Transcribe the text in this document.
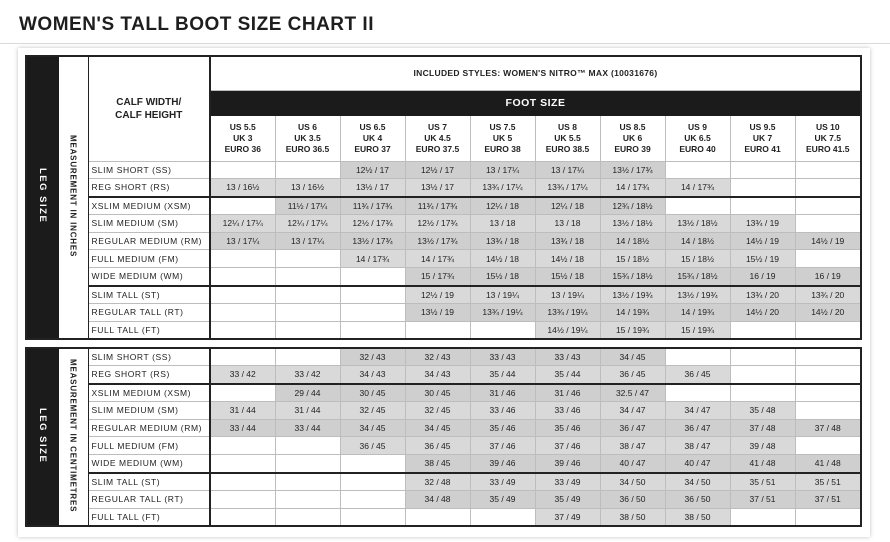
WOMEN'S TALL BOOT SIZE CHART II
LEG SIZE	MEASUREMENT IN INCHES	CALF WIDTH/
CALF HEIGHT	INCLUDED STYLES: WOMEN'S NITRO™ MAX (10031676)									
			FOOT SIZE									

			US 5.5
UK 3
EURO 36	US 6
UK 3.5
EURO 36.5	US 6.5
UK 4
EURO 37	US 7
UK 4.5
EURO 37.5	US 7.5
UK 5
EURO 38	US 8
UK 5.5
EURO 38.5	US 8.5
UK 6
EURO 39	US 9
UK 6.5
EURO 40	US 9.5
UK 7
EURO 41	US 10
UK 7.5
EURO 41.5

		SLIM SHORT (SS)			12½ / 17	12½ / 17	13 / 17¼	13 / 17¼	13½ / 17¾			
		REG SHORT (RS)	13 / 16½	13 / 16½	13½ / 17	13½ / 17	13¾ / 17¼	13¾ / 17¼	14 / 17¾	14 / 17¾		
		XSLIM MEDIUM (XSM)		11½ / 17¼	11¾ / 17¾	11¾ / 17¾	12¼ / 18	12¼ / 18	12¾ / 18½			
		SLIM MEDIUM (SM)	12¼ / 17¼	12¼ / 17¼	12½ / 17¾	12½ / 17¾	13 / 18	13 / 18	13½ / 18½	13½ / 18½	13¾ / 19	
		REGULAR MEDIUM (RM)	13 / 17¼	13 / 17¼	13½ / 17¾	13½ / 17¾	13¾ / 18	13¾ / 18	14 / 18½	14 / 18½	14½ / 19	14½ / 19
		FULL MEDIUM (FM)			14 / 17¾	14 / 17¾	14½ / 18	14½ / 18	15 / 18½	15 / 18½	15½ / 19	
		WIDE MEDIUM (WM)				15 / 17¾	15½ / 18	15½ / 18	15¾ / 18½	15¾ / 18½	16 / 19	16 / 19
		SLIM TALL (ST)				12½ / 19	13 / 19¼	13 / 19¼	13½ / 19¾	13½ / 19¾	13¾ / 20	13¾ / 20
		REGULAR TALL (RT)				13½ / 19	13¾ / 19¼	13¾ / 19¼	14 / 19¾	14 / 19¾	14½ / 20	14½ / 20
		FULL TALL (FT)						14½ / 19¼	15 / 19¾	15 / 19¾		
LEG SIZE	MEASUREMENT IN CENTIMETRES	SLIM SHORT (SS)			32 / 43	32 / 43	33 / 43	33 / 43	34 / 45			
		REG SHORT (RS)	33 / 42	33 / 42	34 / 43	34 / 43	35 / 44	35 / 44	36 / 45	36 / 45		
		XSLIM MEDIUM (XSM)		29 / 44	30 / 45	30 / 45	31 / 46	31 / 46	32.5 / 47			
		SLIM MEDIUM (SM)	31 / 44	31 / 44	32 / 45	32 / 45	33 / 46	33 / 46	34 / 47	34 / 47	35 / 48	
		REGULAR MEDIUM (RM)	33 / 44	33 / 44	34 / 45	34 / 45	35 / 46	35 / 46	36 / 47	36 / 47	37 / 48	37 / 48
		FULL MEDIUM (FM)			36 / 45	36 / 45	37 / 46	37 / 46	38 / 47	38 / 47	39 / 48	
		WIDE MEDIUM (WM)				38 / 45	39 / 46	39 / 46	40 / 47	40 / 47	41 / 48	41 / 48
		SLIM TALL (ST)				32 / 48	33 / 49	33 / 49	34 / 50	34 / 50	35 / 51	35 / 51
		REGULAR TALL (RT)				34 / 48	35 / 49	35 / 49	36 / 50	36 / 50	37 / 51	37 / 51
		FULL TALL (FT)						37 / 49	38 / 50	38 / 50		
